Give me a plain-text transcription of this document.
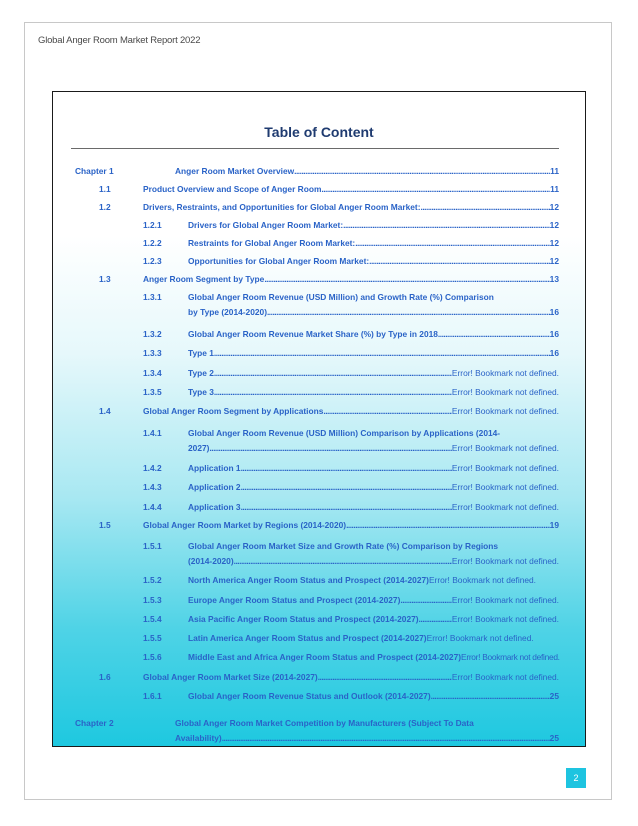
Global Anger Room Market Report 2022
Table of Content
Chapter 1	Anger Room Market Overview .....	11
1.1	Product Overview and Scope of Anger Room .....	11
1.2	Drivers, Restraints, and Opportunities for Global Anger Room Market: .....	12
1.2.1	Drivers for Global Anger Room Market: .....	12
1.2.2	Restraints for Global Anger Room Market: .....	12
1.2.3	Opportunities for Global Anger Room Market: .....	12
1.3	Anger Room Segment by Type .....	13
1.3.1	Global Anger Room Revenue (USD Million) and Growth Rate (%) Comparison
by Type (2014-2020) .....	16
1.3.2	Global Anger Room Revenue Market Share (%) by Type in 2018 .....	16
1.3.3	Type 1 .....	16
1.3.4	Type 2 .....	Error! Bookmark not defined.
1.3.5	Type 3 .....	Error! Bookmark not defined.
1.4	Global Anger Room Segment by Applications .....	Error! Bookmark not defined.
1.4.1	Global Anger Room Revenue (USD Million) Comparison by Applications (2014-
2027) .....	Error! Bookmark not defined.
1.4.2	Application 1 .....	Error! Bookmark not defined.
1.4.3	Application 2 .....	Error! Bookmark not defined.
1.4.4	Application 3 .....	Error! Bookmark not defined.
1.5	Global Anger Room Market by Regions (2014-2020) .....	19
1.5.1	Global Anger Room Market Size and Growth Rate (%) Comparison by Regions
(2014-2020) .....	Error! Bookmark not defined.
1.5.2	North America Anger Room Status and Prospect (2014-2027) Error! Bookmark not defined.
1.5.3	Europe Anger Room Status and Prospect (2014-2027) .....	Error! Bookmark not defined.
1.5.4	Asia Pacific Anger Room Status and Prospect (2014-2027) .....	Error! Bookmark not defined.
1.5.5	Latin America Anger Room Status and Prospect (2014-2027) Error! Bookmark not defined.
1.5.6	Middle East and Africa Anger Room Status and Prospect (2014-2027) Error! Bookmark not defined.
1.6	Global Anger Room Market Size (2014-2027) .....	Error! Bookmark not defined.
1.6.1	Global Anger Room Revenue Status and Outlook (2014-2027) .....	25
Chapter 2	Global Anger Room Market Competition by Manufacturers (Subject To Data
Availability) .....	25
2
